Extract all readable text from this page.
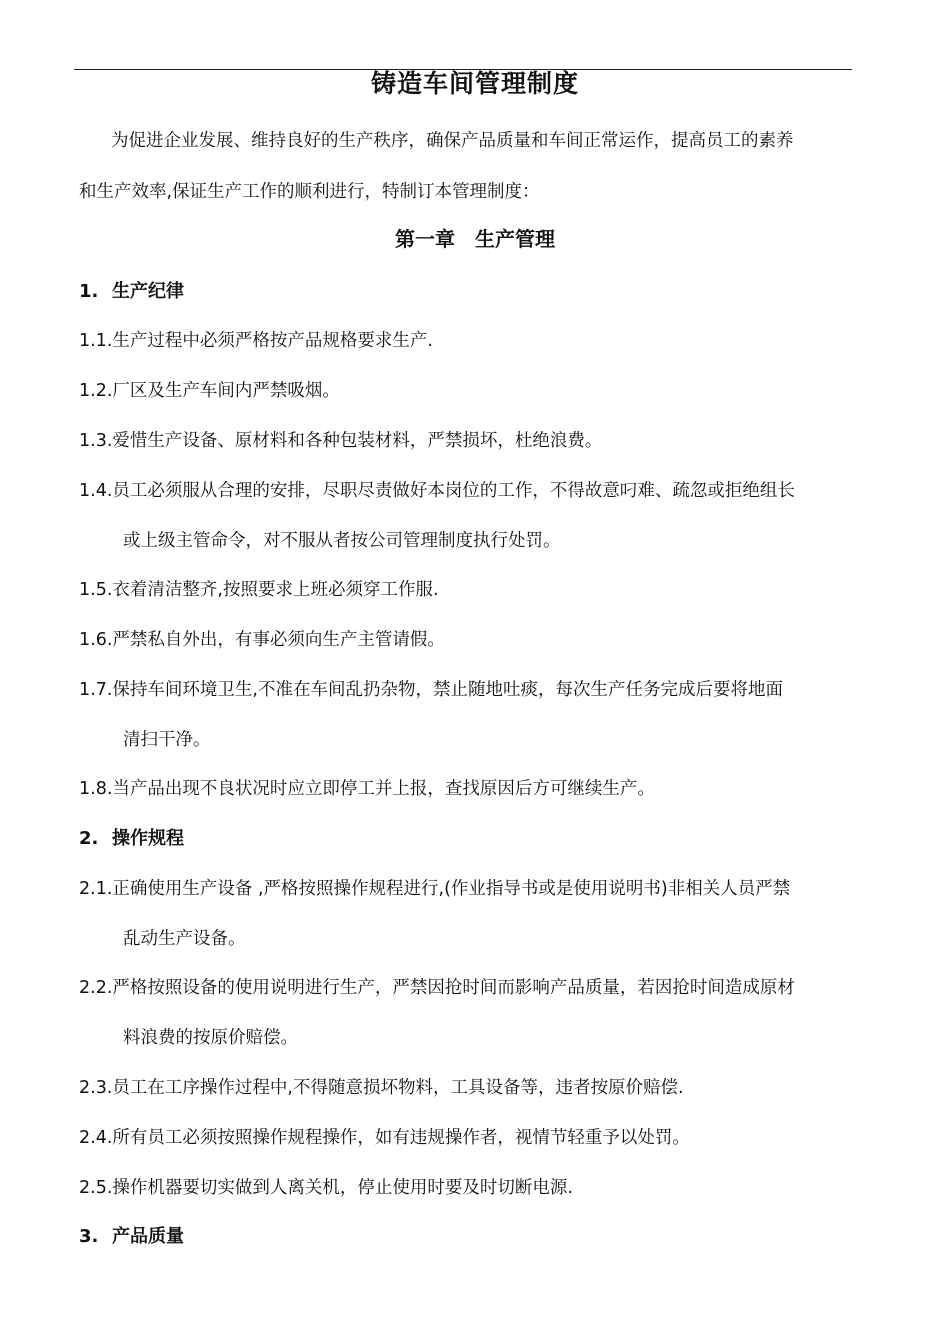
铸造车间管理制度

为促进企业发展、维持良好的生产秩序，确保产品质量和车间正常运作，提高员工的素养

和生产效率,保证生产工作的顺利进行，特制订本管理制度：

第一章　生产管理
1. 生产纪律
1.1.生产过程中必须严格按产品规格要求生产.
1.2.厂区及生产车间内严禁吸烟。
1.3.爱惜生产设备、原材料和各种包装材料，严禁损坏，杜绝浪费。
1.4.员工必须服从合理的安排，尽职尽责做好本岗位的工作，不得故意叼难、疏忽或拒绝组长
或上级主管命令，对不服从者按公司管理制度执行处罚。
1.5.衣着清洁整齐,按照要求上班必须穿工作服.
1.6.严禁私自外出，有事必须向生产主管请假。
1.7.保持车间环境卫生,不准在车间乱扔杂物，禁止随地吐痰，每次生产任务完成后要将地面
清扫干净。
1.8.当产品出现不良状况时应立即停工并上报，查找原因后方可继续生产。
2. 操作规程
2.1.正确使用生产设备 ,严格按照操作规程进行,(作业指导书或是使用说明书)非相关人员严禁
乱动生产设备。
2.2.严格按照设备的使用说明进行生产，严禁因抢时间而影响产品质量，若因抢时间造成原材
料浪费的按原价赔偿。
2.3.员工在工序操作过程中,不得随意损坏物料，工具设备等，违者按原价赔偿.
2.4.所有员工必须按照操作规程操作，如有违规操作者，视情节轻重予以处罚。
2.5.操作机器要切实做到人离关机，停止使用时要及时切断电源.
3. 产品质量
